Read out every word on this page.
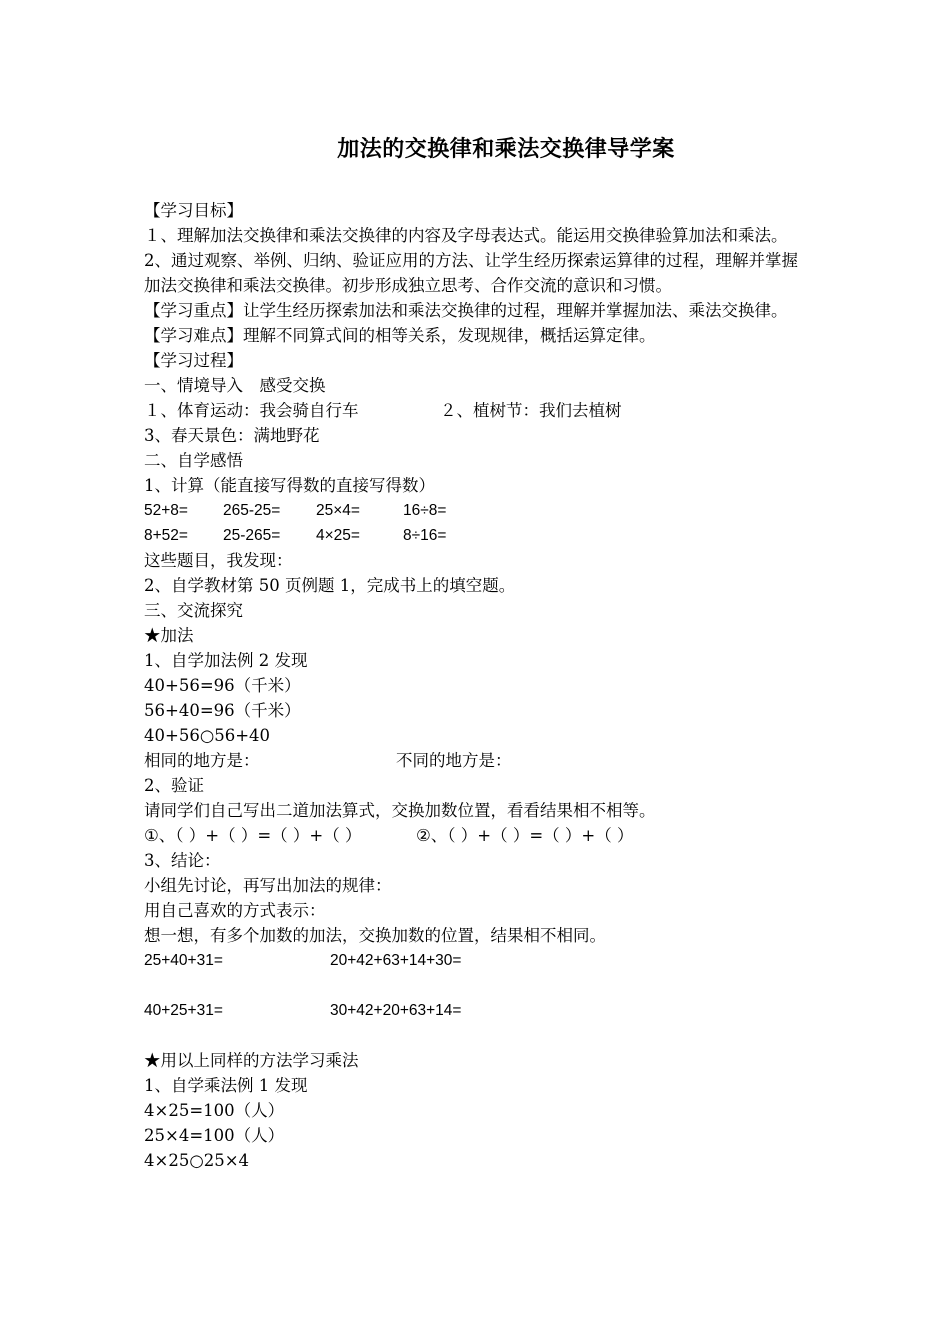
加法的交换律和乘法交换律导学案
【学习目标】
１、理解加法交换律和乘法交换律的内容及字母表达式。能运用交换律验算加法和乘法。
2、通过观察、举例、归纳、验证应用的方法、让学生经历探索运算律的过程，理解并掌握加法交换律和乘法交换律。初步形成独立思考、合作交流的意识和习惯。
【学习重点】让学生经历探索加法和乘法交换律的过程，理解并掌握加法、乘法交换律。
【学习难点】理解不同算式间的相等关系，发现规律，概括运算定律。
【学习过程】
一、情境导入　感受交换
１、体育运动：我会骑自行车	２、植树节：我们去植树
3、春天景色：满地野花
二、自学感悟
1、计算（能直接写得数的直接写得数）
52+8= 265-25= 25×4=	16÷8=
8+52= 25-265= 4×25=	8÷16=
这些题目，我发现：
2、自学教材第 50 页例题 1，完成书上的填空题。
三、交流探究
★加法
1、自学加法例 2 发现
40+56=96（千米）
56+40=96（千米）
40+56○56+40
相同的地方是：	不同的地方是：
2、验证
请同学们自己写出二道加法算式，交换加数位置，看看结果相不相等。
①、（ ）+（ ）=（ ）+（ ）	②、（ ）+（ ）=（ ）+（ ）
3、结论：
小组先讨论，再写出加法的规律：
用自己喜欢的方式表示：
想一想，有多个加数的加法，交换加数的位置，结果相不相同。
25+40+31=	20+42+63+14+30=
40+25+31=	30+42+20+63+14=
★用以上同样的方法学习乘法
1、自学乘法例 1 发现
4×25=100（人）
25×4=100（人）
4×25○25×4
